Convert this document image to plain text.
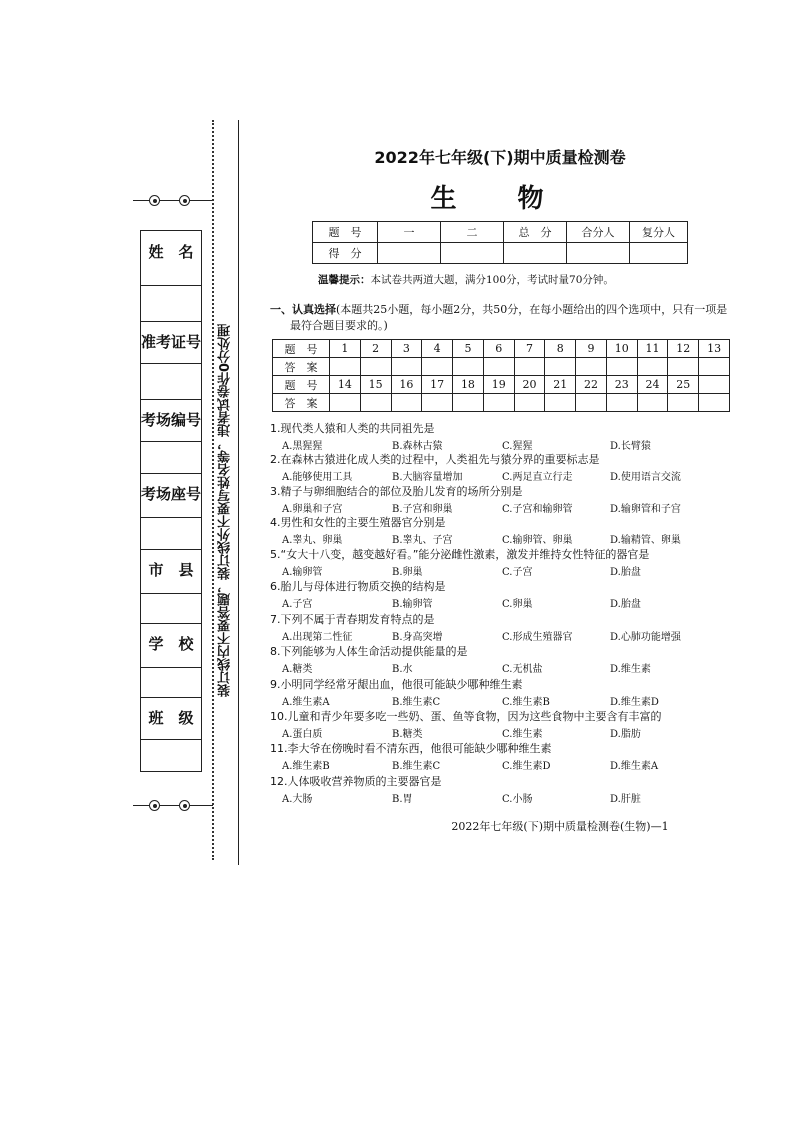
姓　名
准考证号
考场编号
考场座号
市　县
学　校
班　级
装订线内不要答题，装订线外不要写姓名等，违者试卷作0分处理
2022年七年级(下)期中质量检测卷
生 物
题　号	一	二	总　分	合分人	复分人
得　分					
温馨提示：本试卷共两道大题，满分100分，考试时量70分钟。
一、认真选择(本题共25小题，每小题2分，共50分，在每小题给出的四个选项中，只有一项是
最符合题目要求的。)
题　号	1	2	3	4	5	6	7	8	9	10	11	12	13
答　案													
题　号	14	15	16	17	18	19	20	21	22	23	24	25	
答　案													
1.现代类人猿和人类的共同祖先是
A.黑猩猩	B.森林古猿	C.猩猩	D.长臂猿
2.在森林古猿进化成人类的过程中，人类祖先与猿分界的重要标志是
A.能够使用工具	B.大脑容量增加	C.两足直立行走	D.使用语言交流
3.精子与卵细胞结合的部位及胎儿发育的场所分别是
A.卵巢和子宫	B.子宫和卵巢	C.子宫和输卵管	D.输卵管和子宫
4.男性和女性的主要生殖器官分别是
A.睾丸、卵巢	B.睾丸、子宫	C.输卵管、卵巢	D.输精管、卵巢
5.“女大十八变，越变越好看。”能分泌雌性激素，激发并维持女性特征的器官是
A.输卵管	B.卵巢	C.子宫	D.胎盘
6.胎儿与母体进行物质交换的结构是
A.子宫	B.输卵管	C.卵巢	D.胎盘
7.下列不属于青春期发育特点的是
A.出现第二性征	B.身高突增	C.形成生殖器官	D.心肺功能增强
8.下列能够为人体生命活动提供能量的是
A.糖类	B.水	C.无机盐	D.维生素
9.小明同学经常牙龈出血，他很可能缺少哪种维生素
A.维生素A	B.维生素C	C.维生素B	D.维生素D
10.儿童和青少年要多吃一些奶、蛋、鱼等食物，因为这些食物中主要含有丰富的
A.蛋白质	B.糖类	C.维生素	D.脂肪
11.李大爷在傍晚时看不清东西，他很可能缺少哪种维生素
A.维生素B	B.维生素C	C.维生素D	D.维生素A
12.人体吸收营养物质的主要器官是
A.大肠	B.胃	C.小肠	D.肝脏
2022年七年级(下)期中质量检测卷(生物)—1
